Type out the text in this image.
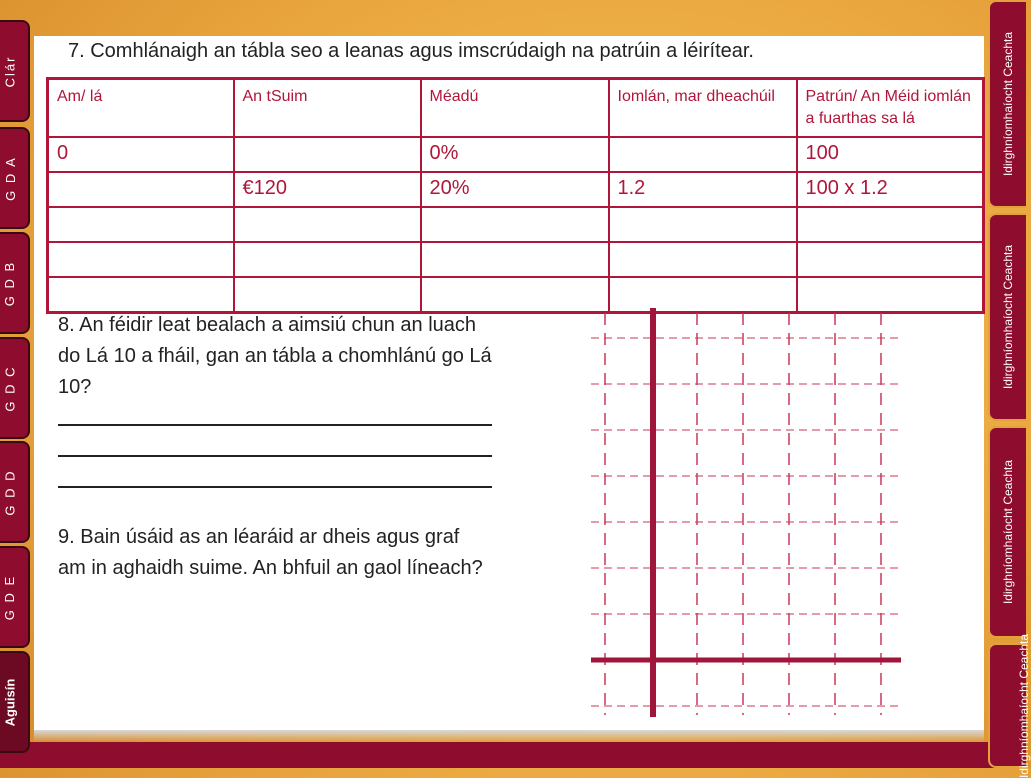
Clár
G D A
G D B
G D C
G D D
G D E
Aguisín
Idirghníomhaíocht Ceachta
Idirghníomhaíocht Ceachta
Idirghníomhaíocht Ceachta
Idirghníomhaíocht Ceachta
7. Comhlánaigh an tábla seo a leanas agus imscrúdaigh na patrúin a léirítear.
Am/ lá	An tSuim	Méadú	Iomlán, mar dheachúil	Patrún/ An Méid iomlán a fuarthas sa lá
0		0%		100
	€120	20%	1.2	100 x 1.2

8. An féidir leat bealach a aimsiú chun an luach do Lá 10 a fháil, gan an tábla a chomhlánú go Lá 10?
9. Bain úsáid as an léaráid ar dheis agus graf am in aghaidh suime. An bhfuil an gaol líneach?
